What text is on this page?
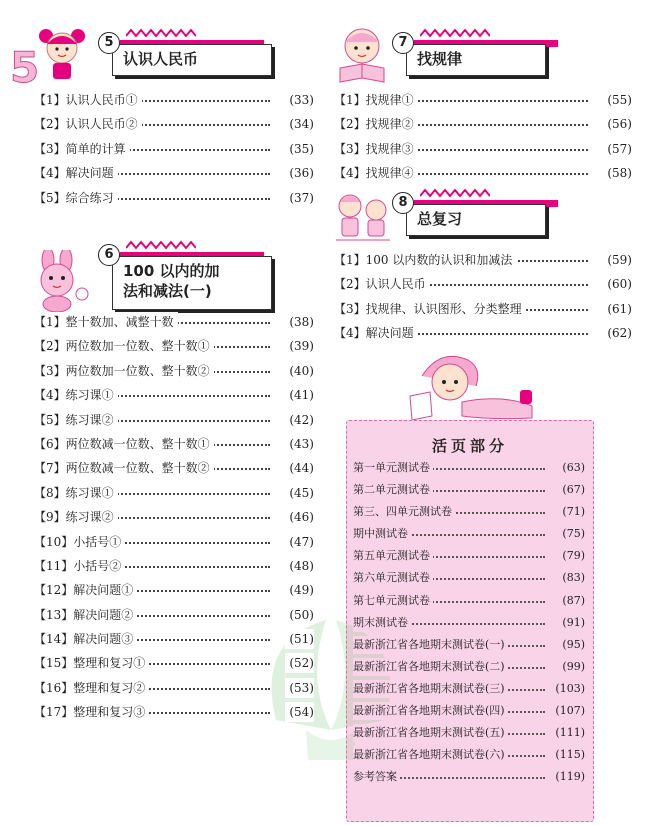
5
5
认识人民币
【1】认识人民币①	(33)
【2】认识人民币②	(34)
【3】简单的计算	(35)
【4】解决问题	(36)
【5】综合练习	(37)
6
100 以内的加
法和减法(一)
【1】整十数加、减整十数	(38)
【2】两位数加一位数、整十数①	(39)
【3】两位数加一位数、整十数②	(40)
【4】练习课①	(41)
【5】练习课②	(42)
【6】两位数减一位数、整十数①	(43)
【7】两位数减一位数、整十数②	(44)
【8】练习课①	(45)
【9】练习课②	(46)
【10】小括号①	(47)
【11】小括号②	(48)
【12】解决问题①	(49)
【13】解决问题②	(50)
【14】解决问题③	(51)
【15】整理和复习①	(52)
【16】整理和复习②	(53)
【17】整理和复习③	(54)
7
找规律
【1】找规律①	(55)
【2】找规律②	(56)
【3】找规律③	(57)
【4】找规律④	(58)
8
总复习
【1】100 以内数的认识和加减法	(59)
【2】认识人民币	(60)
【3】找规律、认识图形、分类整理	(61)
【4】解决问题	(62)
活页部分
第一单元测试卷	(63)
第二单元测试卷	(67)
第三、四单元测试卷	(71)
期中测试卷	(75)
第五单元测试卷	(79)
第六单元测试卷	(83)
第七单元测试卷	(87)
期末测试卷	(91)
最新浙江省各地期末测试卷(一)	(95)
最新浙江省各地期末测试卷(二)	(99)
最新浙江省各地期末测试卷(三)	(103)
最新浙江省各地期末测试卷(四)	(107)
最新浙江省各地期末测试卷(五)	(111)
最新浙江省各地期末测试卷(六)	(115)
参考答案	(119)
